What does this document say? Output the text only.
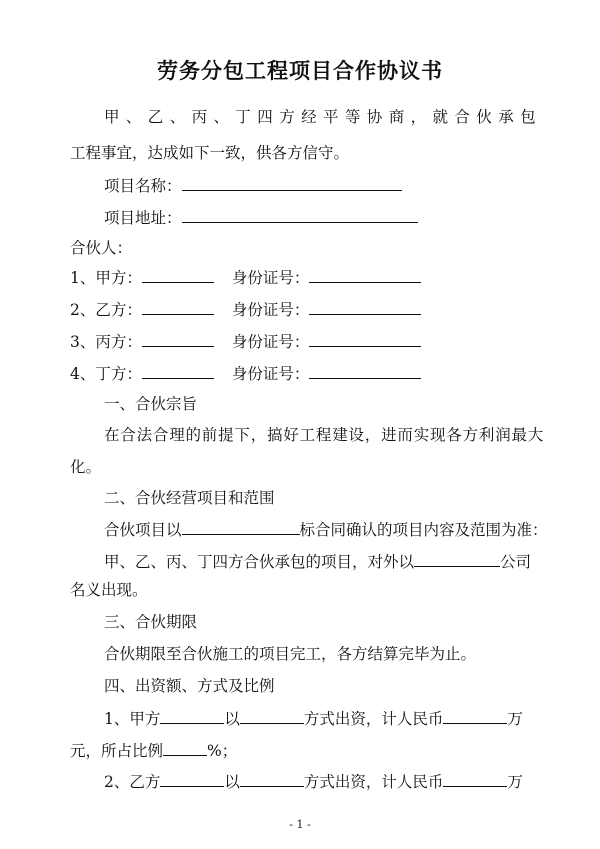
劳务分包工程项目合作协议书
甲、乙、丙、丁四方经平等协商，就合伙承包
工程事宜，达成如下一致，供各方信守。
项目名称：
项目地址：
合伙人：
1、甲方：	身份证号：
2、乙方：	身份证号：
3、丙方：	身份证号：
4、丁方：	身份证号：
一、合伙宗旨
在合法合理的前提下，搞好工程建设，进而实现各方利润最大
化。
二、合伙经营项目和范围
合伙项目以	标合同确认的项目内容及范围为准：
甲、乙、丙、丁四方合伙承包的项目，对外以	公司
名义出现。
三、合伙期限
合伙期限至合伙施工的项目完工，各方结算完毕为止。
四、出资额、方式及比例
1、甲方	以	方式出资，计人民币	万
元，所占比例	%；
2、乙方	以	方式出资，计人民币	万
- 1 -
